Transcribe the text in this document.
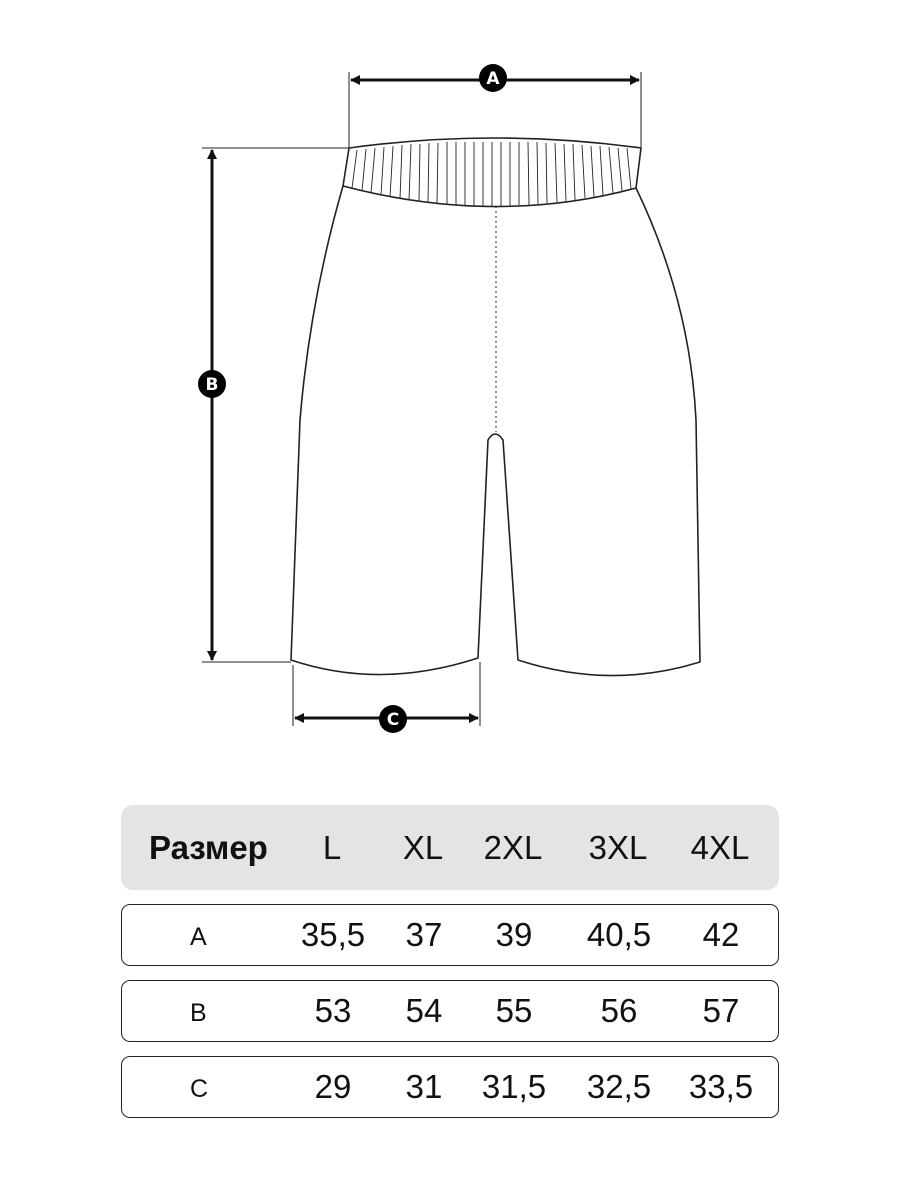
A
B
C
Размер	L	XL	2XL	3XL	4XL
A	35,5	37	39	40,5	42
B	53	54	55	56	57
C	29	31	31,5	32,5	33,5
